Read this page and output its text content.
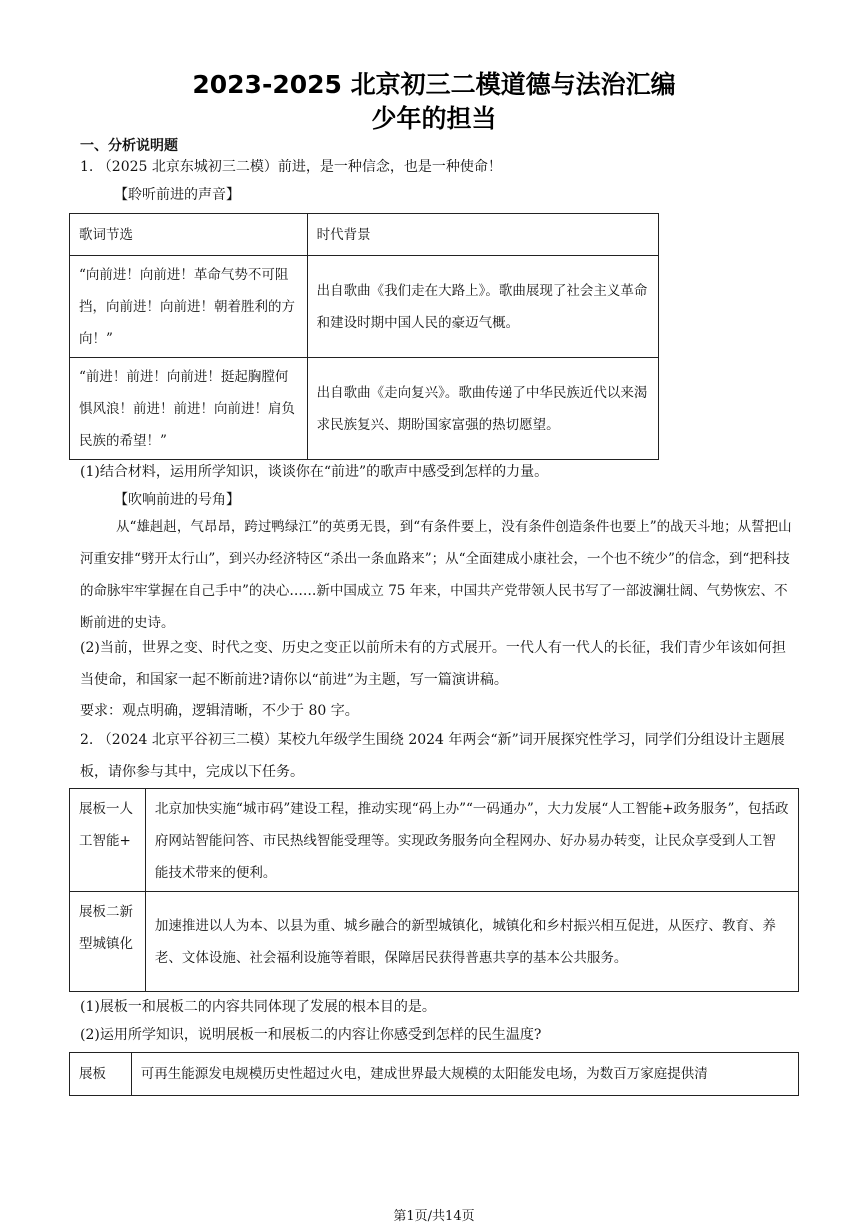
2023-2025 北京初三二模道德与法治汇编
少年的担当
一、分析说明题
1. （2025 北京东城初三二模）前进，是一种信念，也是一种使命！
【聆听前进的声音】
歌词节选	时代背景
“向前进！向前进！革命气势不可阻挡，向前进！向前进！朝着胜利的方向！”	出自歌曲《我们走在大路上》。歌曲展现了社会主义革命和建设时期中国人民的豪迈气概。
“前进！前进！向前进！挺起胸膛何惧风浪！前进！前进！向前进！肩负民族的希望！”	出自歌曲《走向复兴》。歌曲传递了中华民族近代以来渴求民族复兴、期盼国家富强的热切愿望。
(1)结合材料，运用所学知识，谈谈你在“前进”的歌声中感受到怎样的力量。
【吹响前进的号角】
从“雄赳赳，气昂昂，跨过鸭绿江”的英勇无畏，到“有条件要上，没有条件创造条件也要上”的战天斗地；从誓把山河重安排“劈开太行山”，到兴办经济特区“杀出一条血路来”；从“全面建成小康社会，一个也不统少”的信念，到“把科技的命脉牢牢掌握在自己手中”的决心……新中国成立 75 年来，中国共产党带领人民书写了一部波澜壮阔、气势恢宏、不断前进的史诗。
(2)当前，世界之变、时代之变、历史之变正以前所未有的方式展开。一代人有一代人的长征，我们青少年该如何担当使命，和国家一起不断前进?请你以“前进”为主题，写一篇演讲稿。
要求：观点明确，逻辑清晰，不少于 80 字。
2. （2024 北京平谷初三二模）某校九年级学生围绕 2024 年两会“新”词开展探究性学习，同学们分组设计主题展板，请你参与其中，完成以下任务。
展板一人工智能+	北京加快实施“城市码”建设工程，推动实现“码上办”“一码通办”，大力发展“人工智能+政务服务”，包括政府网站智能问答、市民热线智能受理等。实现政务服务向全程网办、好办易办转变，让民众享受到人工智能技术带来的便利。
展板二新型城镇化	加速推进以人为本、以县为重、城乡融合的新型城镇化，城镇化和乡村振兴相互促进，从医疗、教育、养老、文体设施、社会福利设施等着眼，保障居民获得普惠共享的基本公共服务。
(1)展板一和展板二的内容共同体现了发展的根本目的是。
(2)运用所学知识，说明展板一和展板二的内容让你感受到怎样的民生温度?
展板	可再生能源发电规模历史性超过火电，建成世界最大规模的太阳能发电场，为数百万家庭提供清
第1页/共14页
